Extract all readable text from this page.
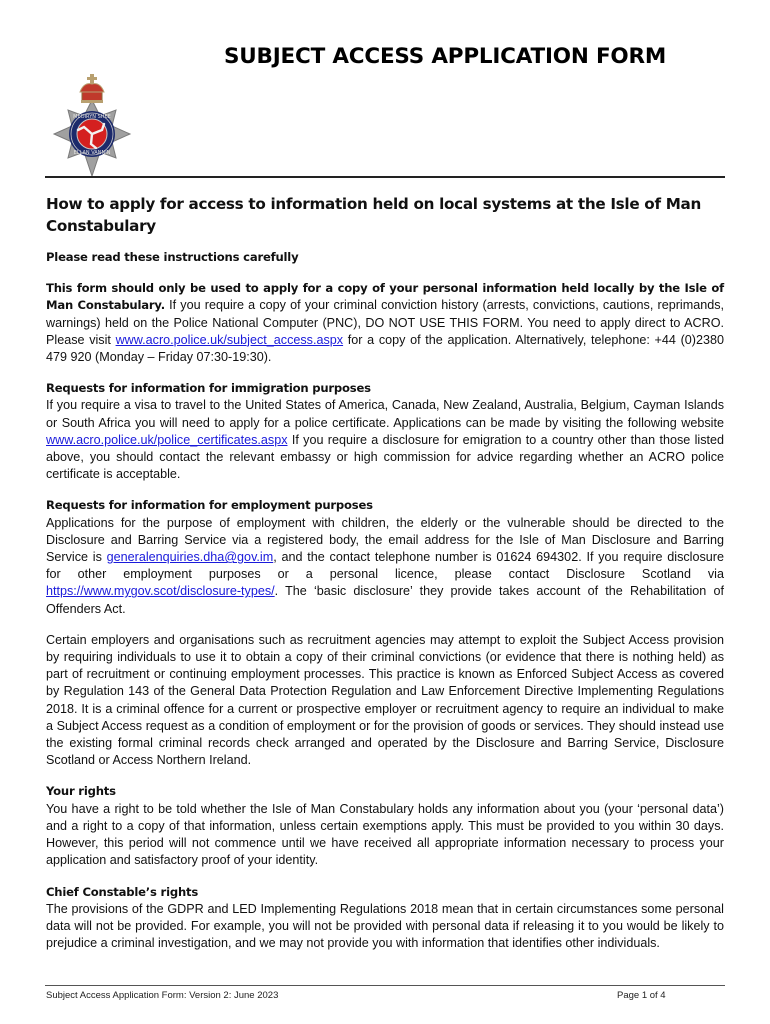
MEOIRYN SHEE
ELLAN VANNIN
SUBJECT ACCESS APPLICATION FORM
How to apply for access to information held on local systems at the Isle of Man Constabulary
Please read these instructions carefully

This form should only be used to apply for a copy of your personal information held locally by the Isle of Man Constabulary. If you require a copy of your criminal conviction history (arrests, convictions, cautions, reprimands, warnings) held on the Police National Computer (PNC), DO NOT USE THIS FORM. You need to apply direct to ACRO. Please visit www.acro.police.uk/subject_access.aspx for a copy of the application. Alternatively, telephone: +44 (0)2380 479 920 (Monday – Friday 07:30-19:30).

Requests for information for immigration purposes

If you require a visa to travel to the United States of America, Canada, New Zealand, Australia, Belgium, Cayman Islands or South Africa you will need to apply for a police certificate. Applications can be made by visiting the following website www.acro.police.uk/police_certificates.aspx If you require a disclosure for emigration to a country other than those listed above, you should contact the relevant embassy or high commission for advice regarding whether an ACRO police certificate is acceptable.

Requests for information for employment purposes

Applications for the purpose of employment with children, the elderly or the vulnerable should be directed to the Disclosure and Barring Service via a registered body, the email address for the Isle of Man Disclosure and Barring Service is generalenquiries.dha@gov.im, and the contact telephone number is 01624 694302. If you require disclosure for other employment purposes or a personal licence, please contact Disclosure Scotland via https://www.mygov.scot/disclosure-types/. The ‘basic disclosure’ they provide takes account of the Rehabilitation of Offenders Act.

Certain employers and organisations such as recruitment agencies may attempt to exploit the Subject Access provision by requiring individuals to use it to obtain a copy of their criminal convictions (or evidence that there is nothing held) as part of recruitment or continuing employment processes. This practice is known as Enforced Subject Access as covered by Regulation 143 of the General Data Protection Regulation and Law Enforcement Directive Implementing Regulations 2018. It is a criminal offence for a current or prospective employer or recruitment agency to require an individual to make a Subject Access request as a condition of employment or for the provision of goods or services. They should instead use the existing formal criminal records check arranged and operated by the Disclosure and Barring Service, Disclosure Scotland or Access Northern Ireland.

Your rights

You have a right to be told whether the Isle of Man Constabulary holds any information about you (your ‘personal data’) and a right to a copy of that information, unless certain exemptions apply. This must be provided to you within 30 days. However, this period will not commence until we have received all appropriate information necessary to process your application and satisfactory proof of your identity.

Chief Constable’s rights

The provisions of the GDPR and LED Implementing Regulations 2018 mean that in certain circumstances some personal data will not be provided. For example, you will not be provided with personal data if releasing it to you would be likely to prejudice a criminal investigation, and we may not provide you with information that identifies other individuals.

Subject Access Application Form: Version 2: June 2023	Page 1 of 4
